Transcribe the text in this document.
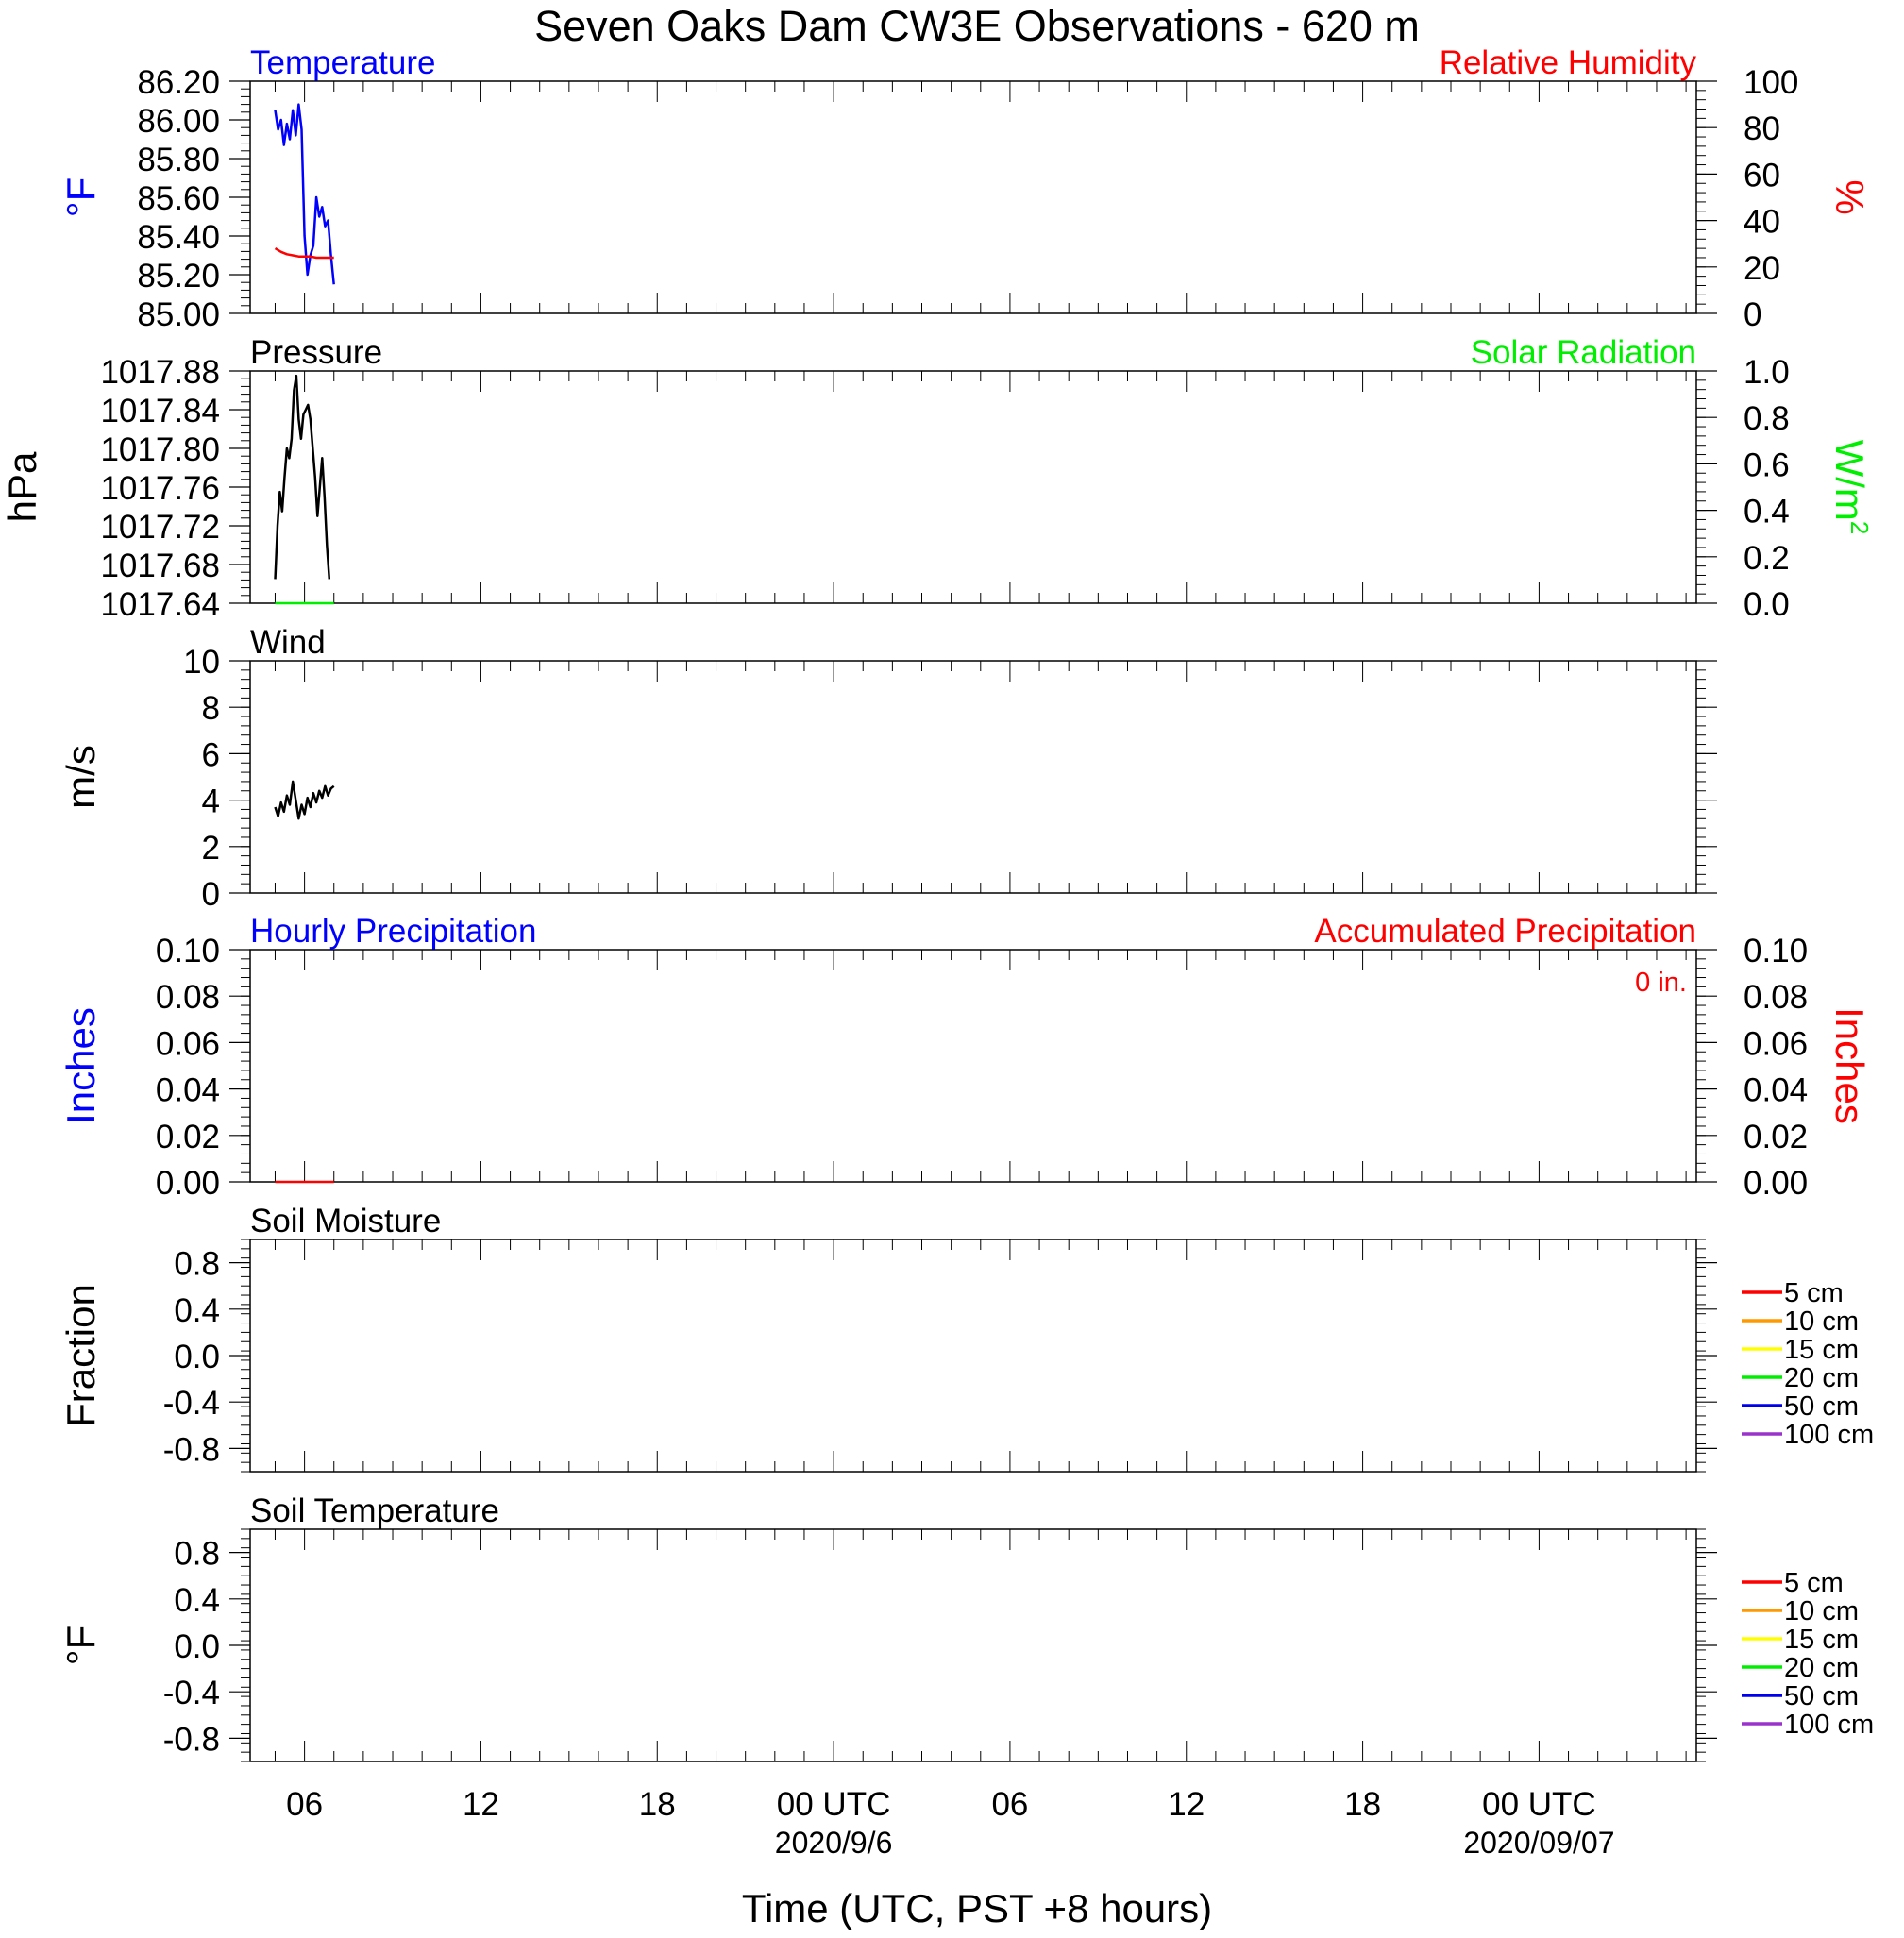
Seven Oaks Dam CW3E Observations - 620 m
85.00
85.20
85.40
85.60
85.80
86.00
86.20
0
20
40
60
80
100
Temperature	Relative Humidity
°F	%
1017.64
1017.68
1017.72
1017.76
1017.80
1017.84
1017.88
0.0
0.2
0.4
0.6
0.8
1.0
Pressure	Solar Radiation
hPa	$W/m^2$
0
2
4
6
8
10
Wind
m/s
0.00
0.02
0.04
0.06
0.08
0.10
0.00
0.02
0.04
0.06
0.08
0.10
Hourly Precipitation	Accumulated Precipitation
0 in.
Inches	Inches
-0.8
-0.4
0.0
0.4
0.8
Soil Moisture
Fraction	5 cm
10 cm
15 cm
20 cm
50 cm
100 cm
-0.8
-0.4
0.0
0.4
0.8
Soil Temperature
°F
5 cm
10 cm
15 cm
20 cm
50 cm
100 cm
06	12	18	00 UTC
2020/9/6
06	12	18	00 UTC
2020/09/07
Time (UTC, PST +8 hours)
